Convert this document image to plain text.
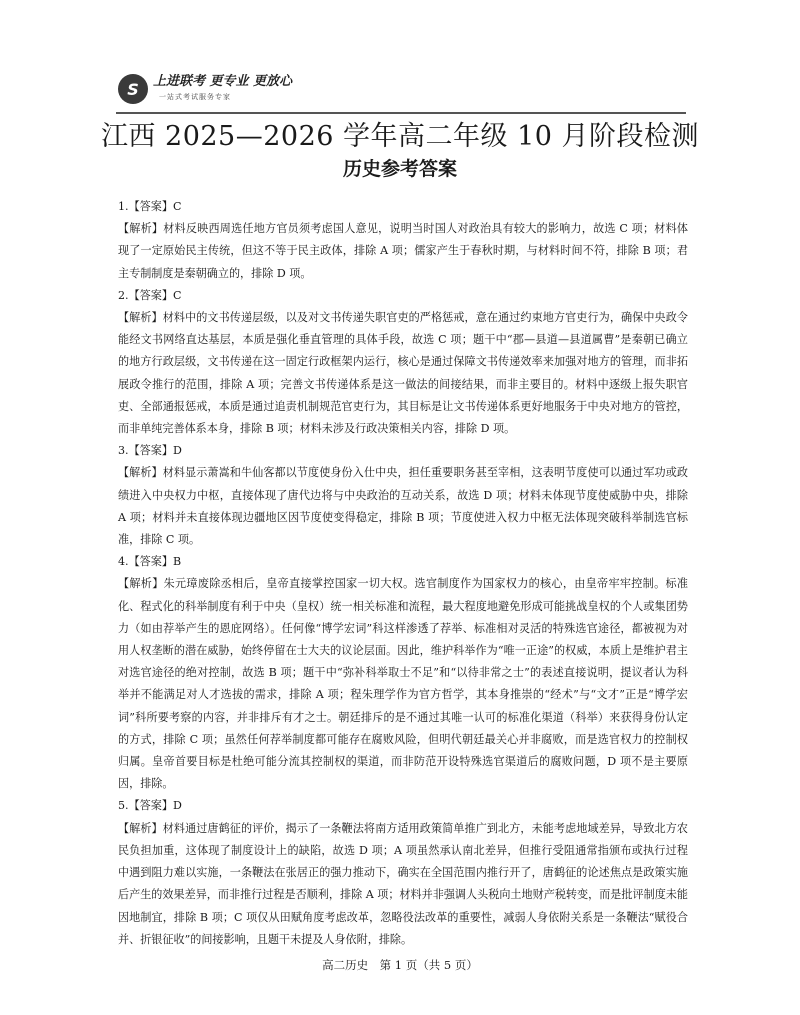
S	上进联考 更专业 更放心
一站式考试服务专家
江西 2025—2026 学年高二年级 10 月阶段检测
历史参考答案
1.【答案】C
【解析】材料反映西周选任地方官员须考虑国人意见，说明当时国人对政治具有较大的影响力，故选 C 项；材料体现了一定原始民主传统，但这不等于民主政体，排除 A 项；儒家产生于春秋时期，与材料时间不符，排除 B 项；君主专制制度是秦朝确立的，排除 D 项。
2.【答案】C
【解析】材料中的文书传递层级，以及对文书传递失职官吏的严格惩戒，意在通过约束地方官吏行为，确保中央政令能经文书网络直达基层，本质是强化垂直管理的具体手段，故选 C 项；题干中“郡—县道—县道属曹”是秦朝已确立的地方行政层级，文书传递在这一固定行政框架内运行，核心是通过保障文书传递效率来加强对地方的管理，而非拓展政令推行的范围，排除 A 项；完善文书传递体系是这一做法的间接结果，而非主要目的。材料中逐级上报失职官吏、全部通报惩戒，本质是通过追责机制规范官吏行为，其目标是让文书传递体系更好地服务于中央对地方的管控，而非单纯完善体系本身，排除 B 项；材料未涉及行政决策相关内容，排除 D 项。
3.【答案】D
【解析】材料显示萧嵩和牛仙客都以节度使身份入仕中央，担任重要职务甚至宰相，这表明节度使可以通过军功或政绩进入中央权力中枢，直接体现了唐代边将与中央政治的互动关系，故选 D 项；材料未体现节度使威胁中央，排除 A 项；材料并未直接体现边疆地区因节度使变得稳定，排除 B 项；节度使进入权力中枢无法体现突破科举制选官标准，排除 C 项。
4.【答案】B
【解析】朱元璋废除丞相后，皇帝直接掌控国家一切大权。选官制度作为国家权力的核心，由皇帝牢牢控制。标准化、程式化的科举制度有利于中央（皇权）统一相关标准和流程，最大程度地避免形成可能挑战皇权的个人或集团势力（如由荐举产生的恩庇网络）。任何像“博学宏词”科这样渗透了荐举、标准相对灵活的特殊选官途径，都被视为对用人权垄断的潜在威胁，始终停留在士大夫的议论层面。因此，维护科举作为“唯一正途”的权威，本质上是维护君主对选官途径的绝对控制，故选 B 项；题干中“弥补科举取士不足”和“以待非常之士”的表述直接说明，提议者认为科举并不能满足对人才选拔的需求，排除 A 项；程朱理学作为官方哲学，其本身推崇的“经术”与“文才”正是“博学宏词”科所要考察的内容，并非排斥有才之士。朝廷排斥的是不通过其唯一认可的标准化渠道（科举）来获得身份认定的方式，排除 C 项；虽然任何荐举制度都可能存在腐败风险，但明代朝廷最关心并非腐败，而是选官权力的控制权归属。皇帝首要目标是杜绝可能分流其控制权的渠道，而非防范开设特殊选官渠道后的腐败问题，D 项不是主要原因，排除。
5.【答案】D
【解析】材料通过唐鹤征的评价，揭示了一条鞭法将南方适用政策简单推广到北方，未能考虑地域差异，导致北方农民负担加重，这体现了制度设计上的缺陷，故选 D 项；A 项虽然承认南北差异，但推行受阻通常指颁布或执行过程中遇到阻力难以实施，一条鞭法在张居正的强力推动下，确实在全国范围内推行开了，唐鹤征的论述焦点是政策实施后产生的效果差异，而非推行过程是否顺利，排除 A 项；材料并非强调人头税向土地财产税转变，而是批评制度未能因地制宜，排除 B 项；C 项仅从田赋角度考虑改革，忽略役法改革的重要性，减弱人身依附关系是一条鞭法“赋役合并、折银征收”的间接影响，且题干未提及人身依附，排除。
高二历史　第 1 页（共 5 页）
